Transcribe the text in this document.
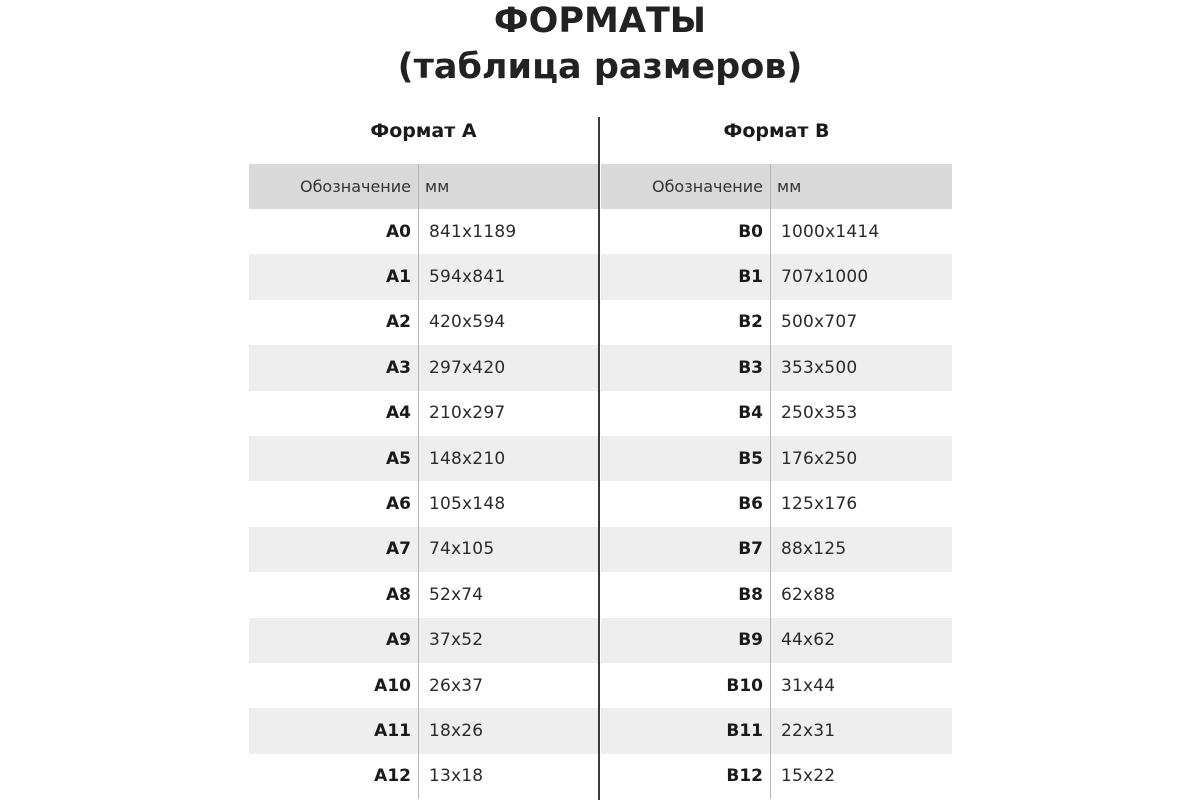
ФОРМАТЫ
(таблица размеров)
Формат А
Обозначение мм
A0	841x1189
A1	594x841
A2	420x594
A3	297x420
A4	210x297
A5	148x210
A6	105x148
A7	74x105
A8	52x74
A9	37x52
A10	26x37
A11	18x26
A12	13x18
Формат В
Обозначение мм
B0	1000x1414
B1	707x1000
B2	500x707
B3	353x500
B4	250x353
B5	176x250
B6	125x176
B7	88x125
B8	62x88
B9	44x62
B10	31x44
B11	22x31
B12	15x22
